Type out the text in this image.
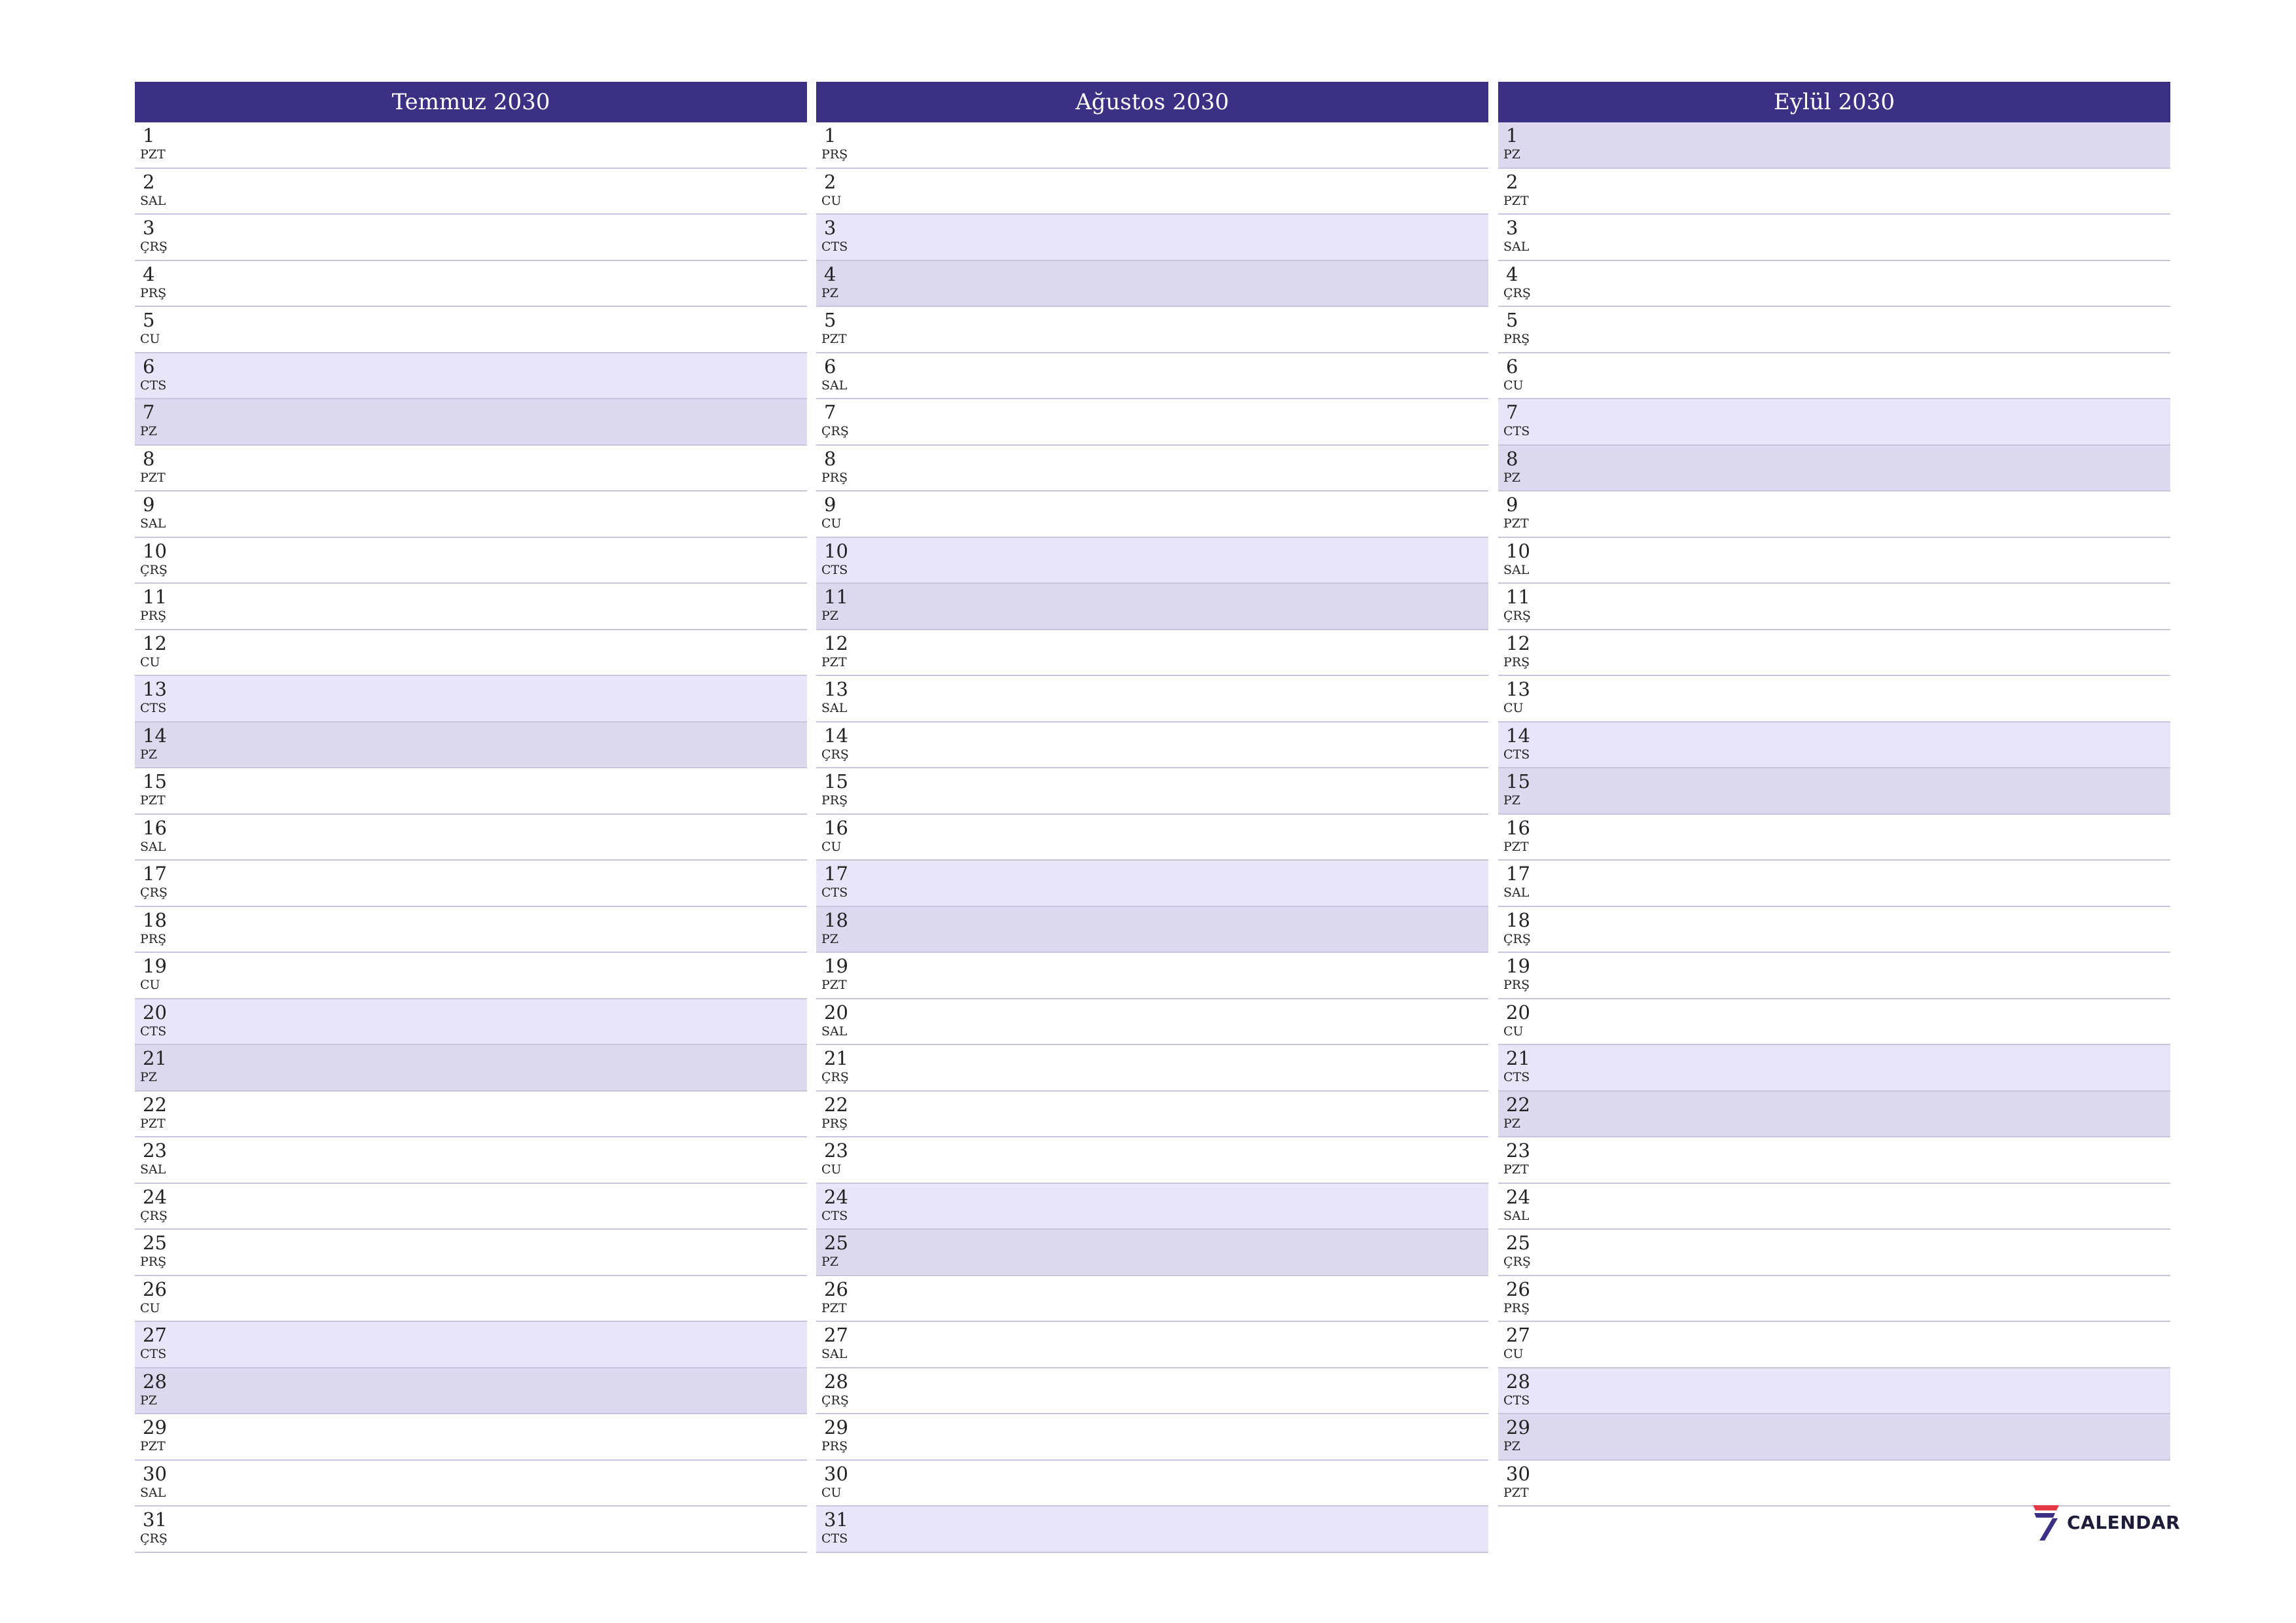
Temmuz 2030
1
PZT
2
SAL
3
ÇRŞ
4
PRŞ
5
CU
6
CTS
7
PZ
8
PZT
9
SAL
10
ÇRŞ
11
PRŞ
12
CU
13
CTS
14
PZ
15
PZT
16
SAL
17
ÇRŞ
18
PRŞ
19
CU
20
CTS
21
PZ
22
PZT
23
SAL
24
ÇRŞ
25
PRŞ
26
CU
27
CTS
28
PZ
29
PZT
30
SAL
31
ÇRŞ
Ağustos 2030
1
PRŞ
2
CU
3
CTS
4
PZ
5
PZT
6
SAL
7
ÇRŞ
8
PRŞ
9
CU
10
CTS
11
PZ
12
PZT
13
SAL
14
ÇRŞ
15
PRŞ
16
CU
17
CTS
18
PZ
19
PZT
20
SAL
21
ÇRŞ
22
PRŞ
23
CU
24
CTS
25
PZ
26
PZT
27
SAL
28
ÇRŞ
29
PRŞ
30
CU
31
CTS
Eylül 2030
1
PZ
2
PZT
3
SAL
4
ÇRŞ
5
PRŞ
6
CU
7
CTS
8
PZ
9
PZT
10
SAL
11
ÇRŞ
12
PRŞ
13
CU
14
CTS
15
PZ
16
PZT
17
SAL
18
ÇRŞ
19
PRŞ
20
CU
21
CTS
22
PZ
23
PZT
24
SAL
25
ÇRŞ
26
PRŞ
27
CU
28
CTS
29
PZ
30
PZT
CALENDAR
